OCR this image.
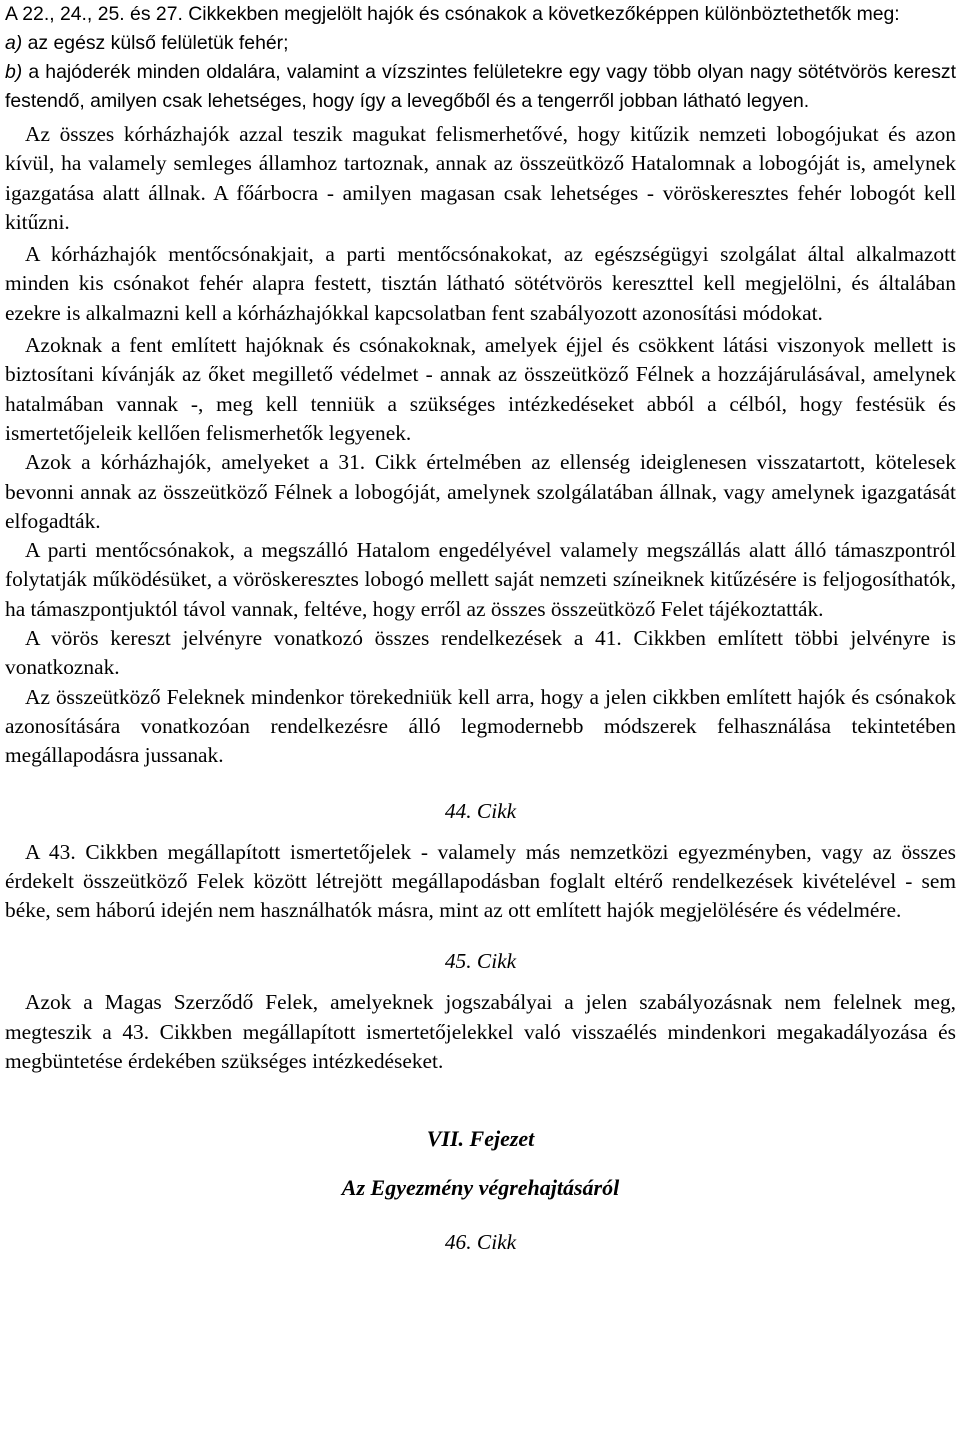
A 22., 24., 25. és 27. Cikkekben megjelölt hajók és csónakok a következőképpen különböztethetők meg:

a) az egész külső felületük fehér;

b) a hajóderék minden oldalára, valamint a vízszintes felületekre egy vagy több olyan nagy sötétvörös kereszt festendő, amilyen csak lehetséges, hogy így a levegőből és a tengerről jobban látható legyen.

Az összes kórházhajók azzal teszik magukat felismerhetővé, hogy kitűzik nemzeti lobogójukat és azon kívül, ha valamely semleges államhoz tartoznak, annak az összeütköző Hatalomnak a lobogóját is, amelynek igazgatása alatt állnak. A főárbocra - amilyen magasan csak lehetséges - vöröskeresztes fehér lobogót kell kitűzni.

A kórházhajók mentőcsónakjait, a parti mentőcsónakokat, az egészségügyi szolgálat által alkalmazott minden kis csónakot fehér alapra festett, tisztán látható sötétvörös kereszttel kell megjelölni, és általában ezekre is alkalmazni kell a kórházhajókkal kapcsolatban fent szabályozott azonosítási módokat.

Azoknak a fent említett hajóknak és csónakoknak, amelyek éjjel és csökkent látási viszonyok mellett is biztosítani kívánják az őket megillető védelmet - annak az összeütköző Félnek a hozzájárulásával, amelynek hatalmában vannak -, meg kell tenniük a szükséges intézkedéseket abból a célból, hogy festésük és ismertetőjeleik kellően felismerhetők legyenek.

Azok a kórházhajók, amelyeket a 31. Cikk értelmében az ellenség ideiglenesen visszatartott, kötelesek bevonni annak az összeütköző Félnek a lobogóját, amelynek szolgálatában állnak, vagy amelynek igazgatását elfogadták.

A parti mentőcsónakok, a megszálló Hatalom engedélyével valamely megszállás alatt álló támaszpontról folytatják működésüket, a vöröskeresztes lobogó mellett saját nemzeti színeiknek kitűzésére is feljogosíthatók, ha támaszpontjuktól távol vannak, feltéve, hogy erről az összes összeütköző Felet tájékoztatták.

A vörös kereszt jelvényre vonatkozó összes rendelkezések a 41. Cikkben említett többi jelvényre is vonatkoznak.

Az összeütköző Feleknek mindenkor törekedniük kell arra, hogy a jelen cikkben említett hajók és csónakok azonosítására vonatkozóan rendelkezésre álló legmodernebb módszerek felhasználása tekintetében megállapodásra jussanak.

44. Cikk

A 43. Cikkben megállapított ismertetőjelek - valamely más nemzetközi egyezményben, vagy az összes érdekelt összeütköző Felek között létrejött megállapodásban foglalt eltérő rendelkezések kivételével - sem béke, sem háború idején nem használhatók másra, mint az ott említett hajók megjelölésére és védelmére.

45. Cikk

Azok a Magas Szerződő Felek, amelyeknek jogszabályai a jelen szabályozásnak nem felelnek meg, megteszik a 43. Cikkben megállapított ismertetőjelekkel való visszaélés mindenkori megakadályozása és megbüntetése érdekében szükséges intézkedéseket.

VII. Fejezet

Az Egyezmény végrehajtásáról

46. Cikk
